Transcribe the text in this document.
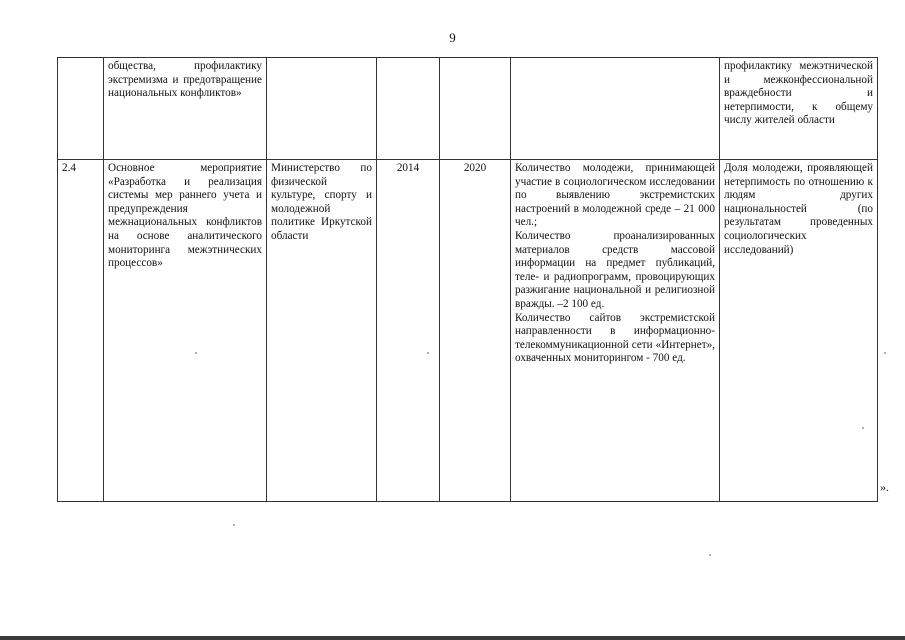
9
	общества, профилактику экстремизма и предотвращение национальных конфликтов»					профилактику межэтнической и межконфессиональной враждебности и нетерпимости, к общему числу жителей области
2.4	Основное мероприятие «Разработка и реализация системы мер раннего учета и предупреждения межнациональных конфликтов на основе аналитического мониторинга межэтнических процессов»	Министерство по физической культуре, спорту и молодежной политике Иркутской области	2014	2020	Количество молодежи, принимающей участие в социологическом исследовании по выявлению экстремистских настроений в молодежной среде – 21 000 чел.;
Количество проанализированных материалов средств массовой информации на предмет публикаций, теле- и радиопрограмм, провоцирующих разжигание национальной и религиозной вражды. –2 100 ед.
Количество сайтов экстремистской направленности в информационно-телекоммуникационной сети «Интернет», охваченных мониторингом - 700 ед.	Доля молодежи, проявляющей нетерпимость по отношению к людям других национальностей (по результатам проведенных социологических исследований)
».
